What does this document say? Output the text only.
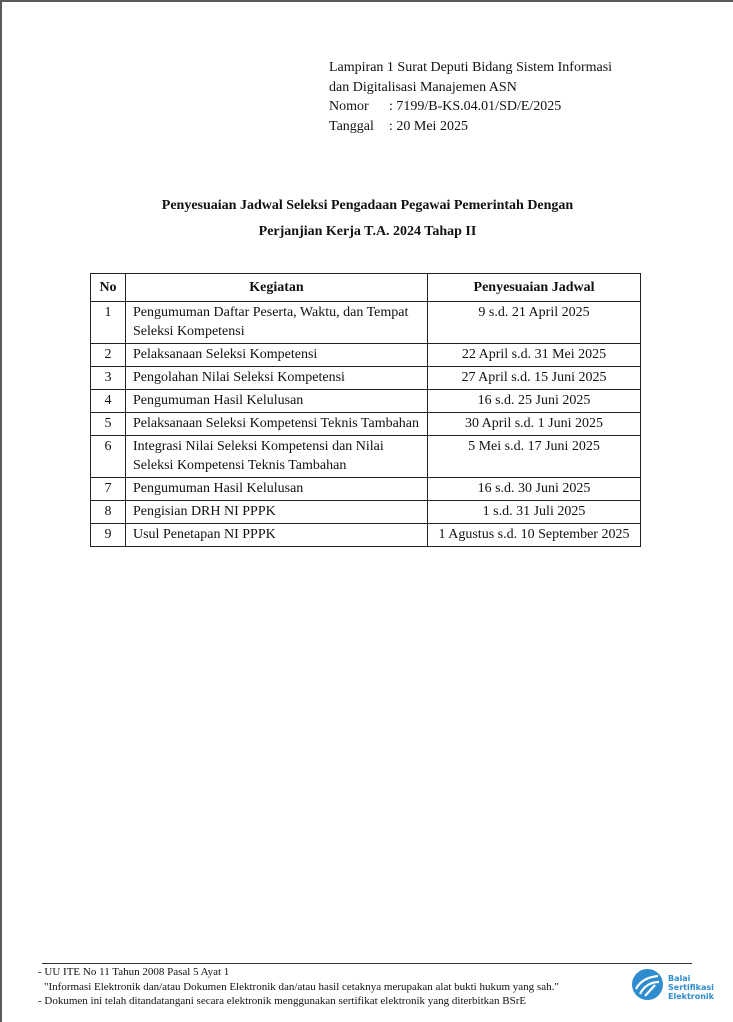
Lampiran 1 Surat Deputi Bidang Sistem Informasi
dan Digitalisasi Manajemen ASN
Nomor : 7199/B-KS.04.01/SD/E/2025
Tanggal : 20 Mei 2025
Penyesuaian Jadwal Seleksi Pengadaan Pegawai Pemerintah Dengan
Perjanjian Kerja T.A. 2024 Tahap II
No	Kegiatan	Penyesuaian Jadwal
1	Pengumuman Daftar Peserta, Waktu, dan Tempat Seleksi Kompetensi	9 s.d. 21 April 2025
2	Pelaksanaan Seleksi Kompetensi	22 April s.d. 31 Mei 2025
3	Pengolahan Nilai Seleksi Kompetensi	27 April s.d. 15 Juni 2025
4	Pengumuman Hasil Kelulusan	16 s.d. 25 Juni 2025
5	Pelaksanaan Seleksi Kompetensi Teknis Tambahan	30 April s.d. 1 Juni 2025
6	Integrasi Nilai Seleksi Kompetensi dan Nilai Seleksi Kompetensi Teknis Tambahan	5 Mei s.d. 17 Juni 2025
7	Pengumuman Hasil Kelulusan	16 s.d. 30 Juni 2025
8	Pengisian DRH NI PPPK	1 s.d. 31 Juli 2025
9	Usul Penetapan NI PPPK	1 Agustus s.d. 10 September 2025
- UU ITE No 11 Tahun 2008 Pasal 5 Ayat 1
"Informasi Elektronik dan/atau Dokumen Elektronik dan/atau hasil cetaknya merupakan alat bukti hukum yang sah."
- Dokumen ini telah ditandatangani secara elektronik menggunakan sertifikat elektronik yang diterbitkan BSrE
Balai
Sertifikasi
Elektronik
